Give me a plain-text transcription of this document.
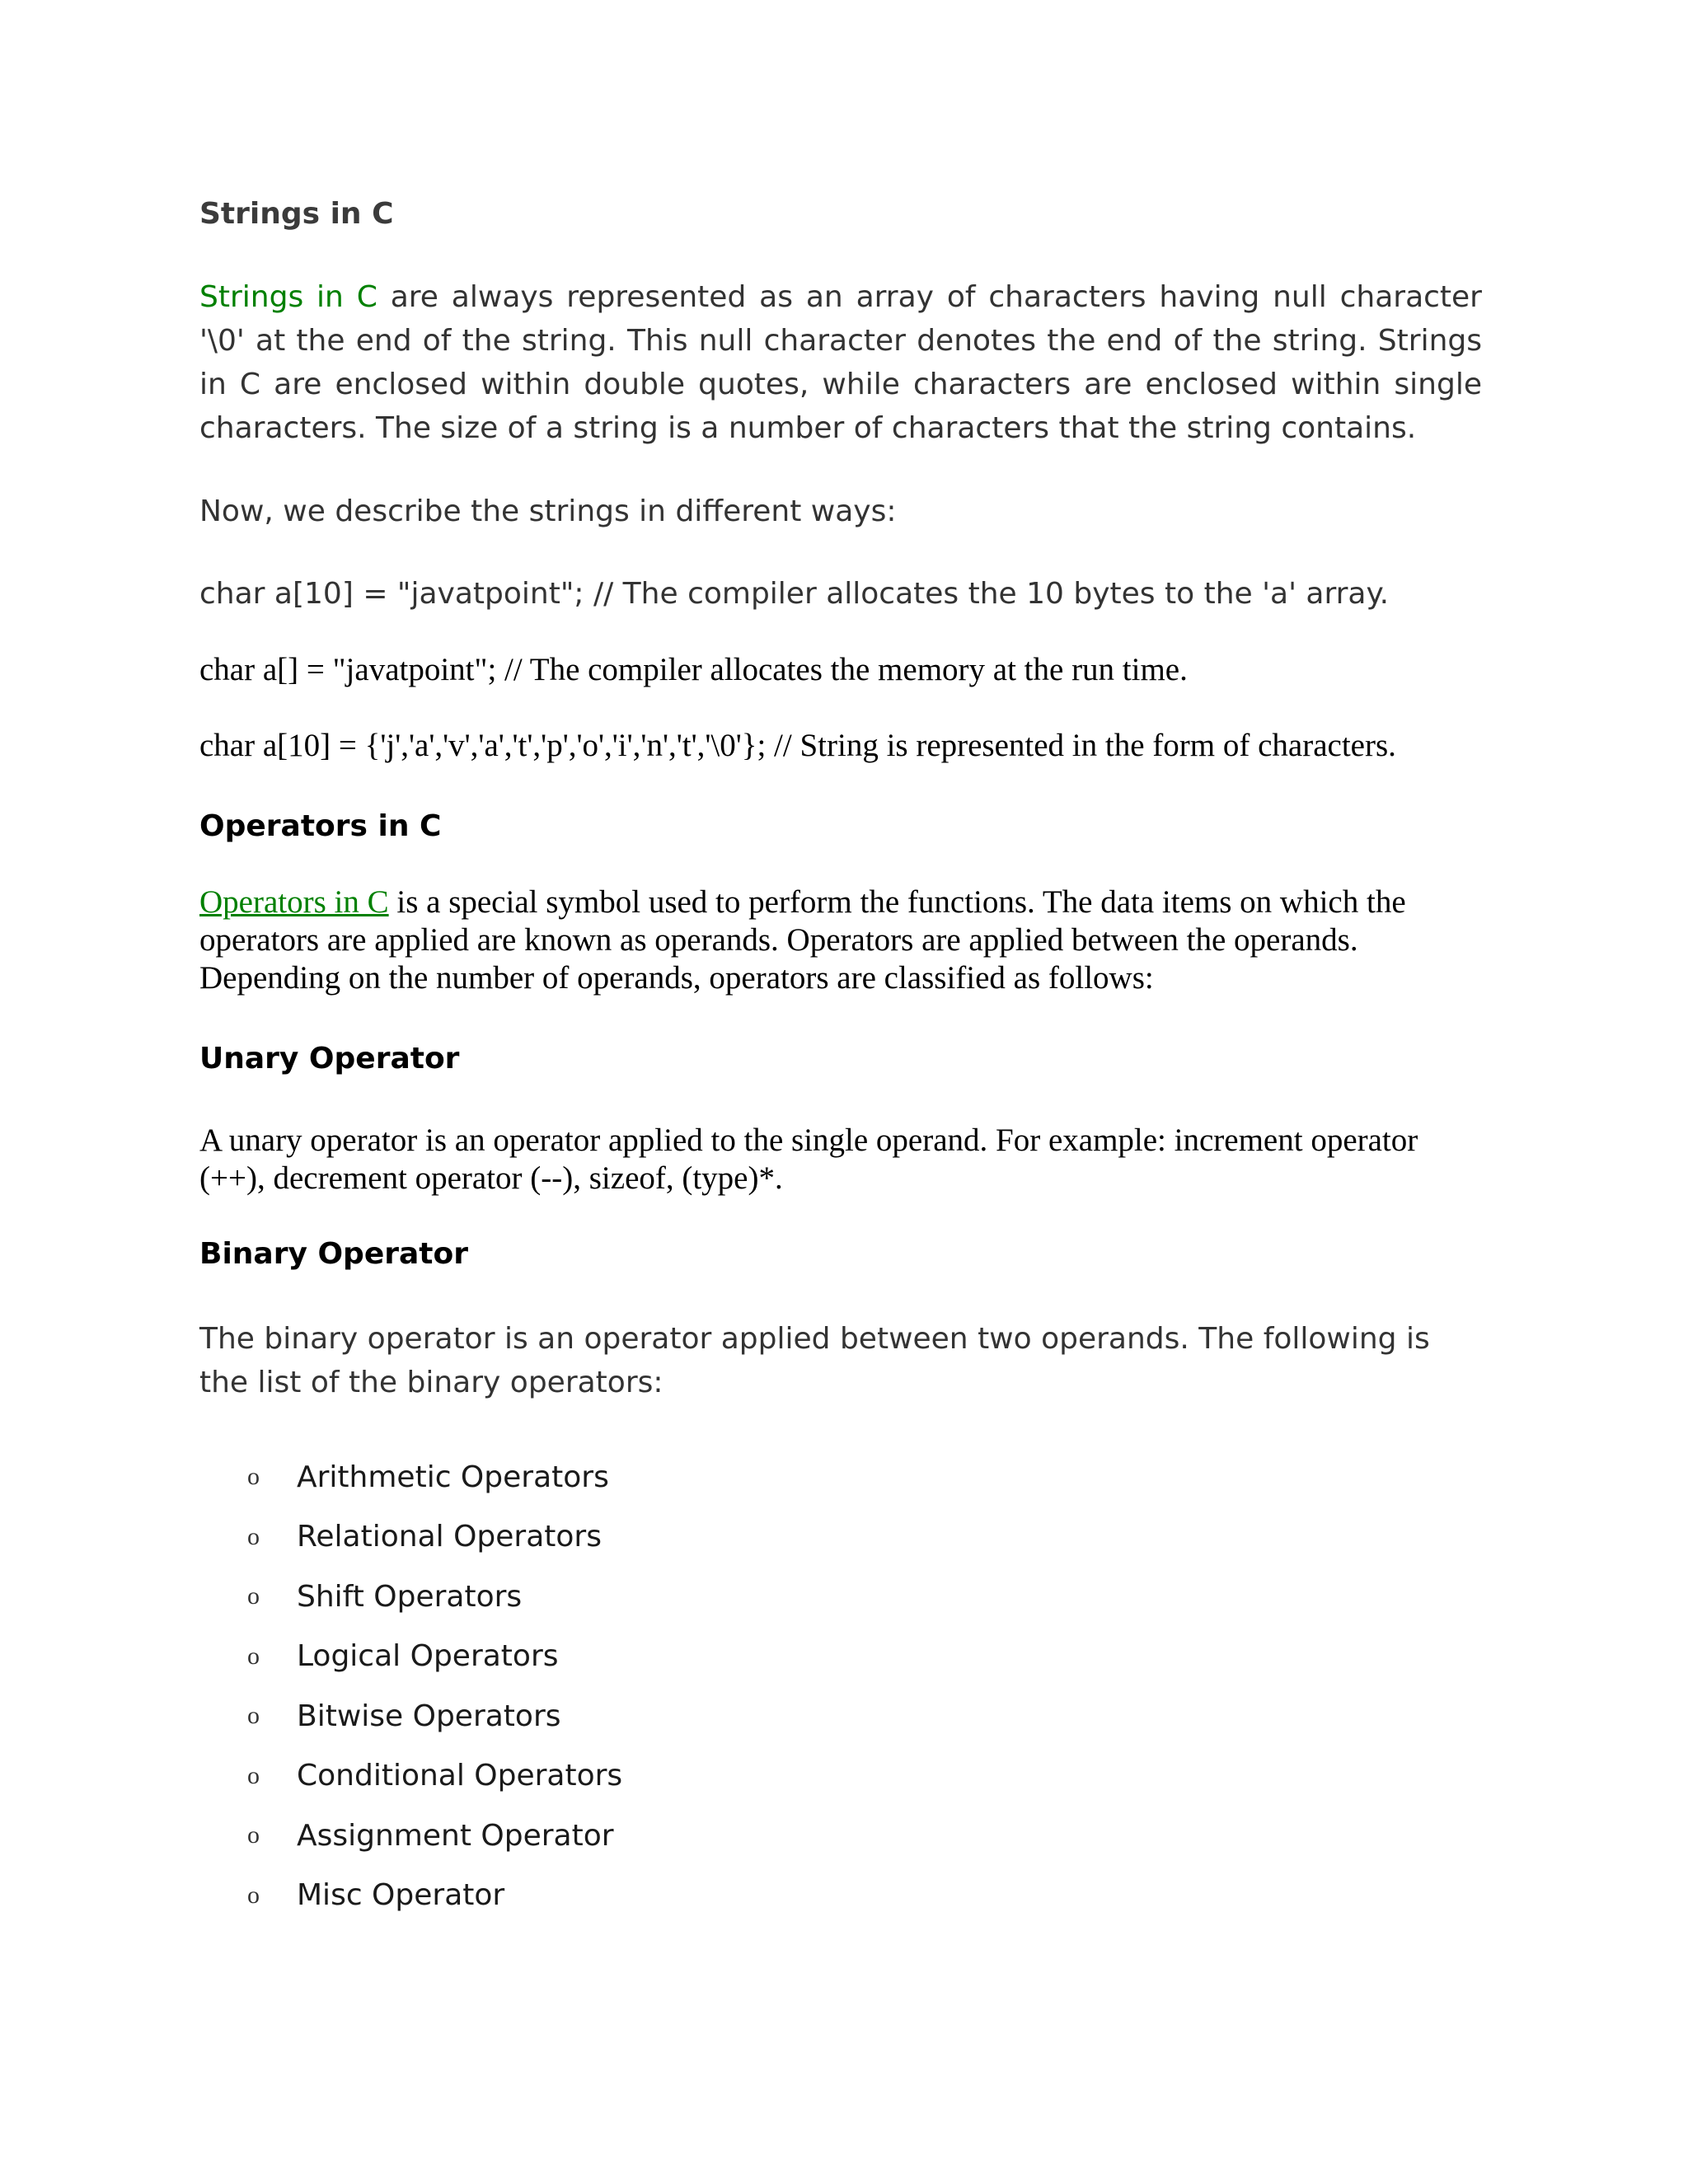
Strings in C

Strings in C are always represented as an array of characters having null character '\0' at the end of the string. This null character denotes the end of the string. Strings in C are enclosed within double quotes, while characters are enclosed within single characters. The size of a string is a number of characters that the string contains.

Now, we describe the strings in different ways:

char a[10] = "javatpoint"; // The compiler allocates the 10 bytes to the 'a' array.

char a[] = "javatpoint"; // The compiler allocates the memory at the run time.

char a[10] = {'j','a','v','a','t','p','o','i','n','t','\0'}; // String is represented in the form of characters.

Operators in C

Operators in C is a special symbol used to perform the functions. The data items on which the operators are applied are known as operands. Operators are applied between the operands. Depending on the number of operands, operators are classified as follows:

Unary Operator

A unary operator is an operator applied to the single operand. For example: increment operator (++), decrement operator (--), sizeof, (type)*.

Binary Operator

The binary operator is an operator applied between two operands. The following is the list of the binary operators:

o	Arithmetic Operators
o	Relational Operators
o	Shift Operators
o	Logical Operators
o	Bitwise Operators
o	Conditional Operators
o	Assignment Operator
o	Misc Operator
